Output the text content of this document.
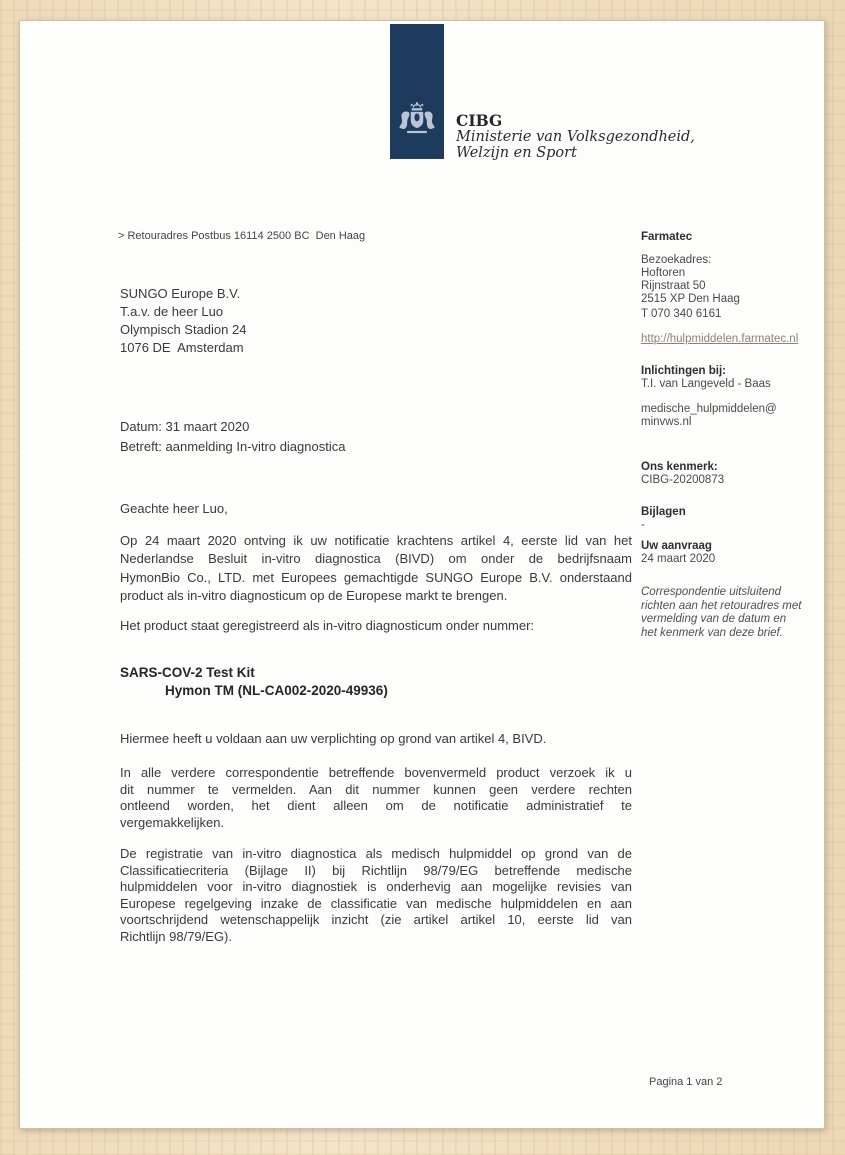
CIBG
Ministerie van Volksgezondheid,
Welzijn en Sport
> Retouradres Postbus 16114 2500 BC  Den Haag
SUNGO Europe B.V.
T.a.v. de heer Luo
Olympisch Stadion 24
1076 DE  Amsterdam
Datum: 31 maart 2020
Betreft: aanmelding In-vitro diagnostica
Geachte heer Luo,
Op 24 maart 2020 ontving ik uw notificatie krachtens artikel 4, eerste lid van het
Nederlandse Besluit in-vitro diagnostica (BIVD) om onder de bedrijfsnaam
HymonBio Co., LTD. met Europees gemachtigde SUNGO Europe B.V. onderstaand
product als in-vitro diagnosticum op de Europese markt te brengen.
Het product staat geregistreerd als in-vitro diagnosticum onder nummer:
SARS-COV-2 Test Kit
Hymon TM (NL-CA002-2020-49936)
Hiermee heeft u voldaan aan uw verplichting op grond van artikel 4, BIVD.
In alle verdere correspondentie betreffende bovenvermeld product verzoek ik u
dit nummer te vermelden. Aan dit nummer kunnen geen verdere rechten
ontleend worden, het dient alleen om de notificatie administratief te
vergemakkelijken.
De registratie van in-vitro diagnostica als medisch hulpmiddel op grond van de
Classificatiecriteria (Bijlage II) bij Richtlijn 98/79/EG betreffende medische
hulpmiddelen voor in-vitro diagnostiek is onderhevig aan mogelijke revisies van
Europese regelgeving inzake de classificatie van medische hulpmiddelen en aan
voortschrijdend wetenschappelijk inzicht (zie artikel artikel 10, eerste lid van
Richtlijn 98/79/EG).
Farmatec
Bezoekadres:
Hoftoren
Rijnstraat 50
2515 XP Den Haag
T 070 340 6161
http://hulpmiddelen.farmatec.nl
Inlichtingen bij:
T.I. van Langeveld - Baas
medische_hulpmiddelen@
minvws.nl
Ons kenmerk:
CIBG-20200873
Bijlagen
-
Uw aanvraag
24 maart 2020
Correspondentie uitsluitend
richten aan het retouradres met
vermelding van de datum en
het kenmerk van deze brief.
Pagina 1 van 2
